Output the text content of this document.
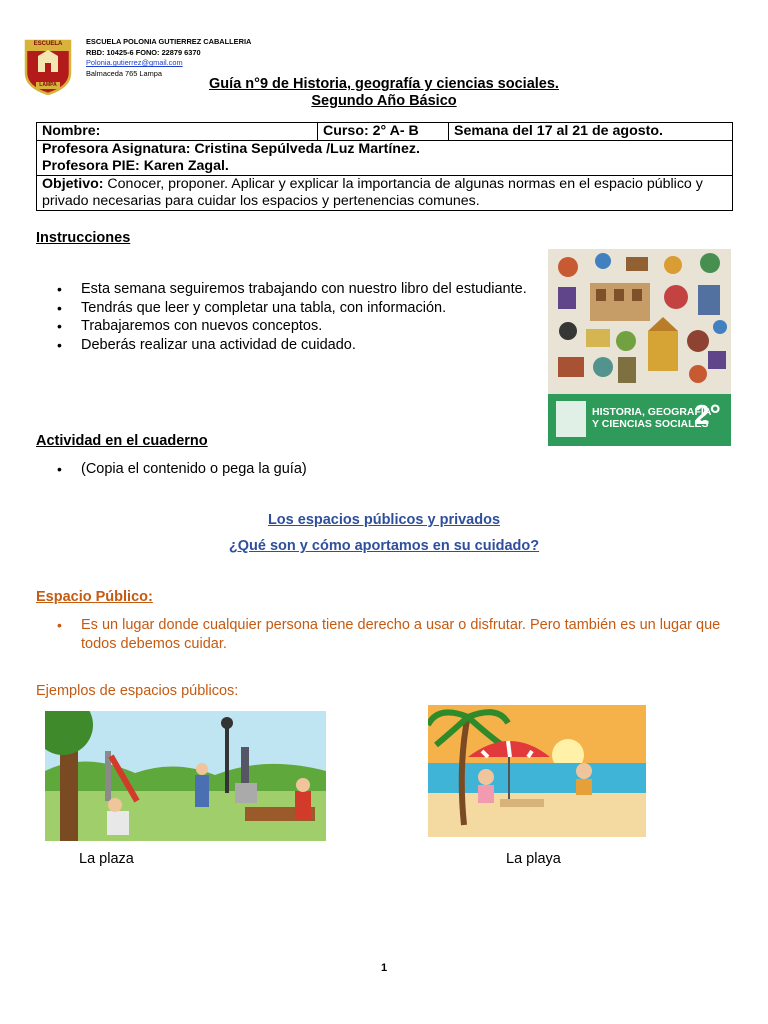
ESCUELA
LAMPA
ESCUELA POLONIA GUTIERREZ CABALLERIA
RBD: 10425-6 FONO: 22879 6370
Polonia.gutierrez@gmail.com
Balmaceda 765 Lampa
Guía n°9 de Historia, geografía y ciencias sociales.
Segundo Año Básico
Nombre:	Curso: 2° A- B	Semana del 17 al 21 de agosto.

Profesora Asignatura: Cristina Sepúlveda /Luz Martínez.
Profesora PIE: Karen Zagal.

Objetivo: Conocer, proponer. Aplicar y explicar la importancia de algunas normas en el espacio público y privado necesarias para cuidar los espacios y pertenencias comunes.
Instrucciones
• Esta semana seguiremos trabajando con nuestro libro del estudiante.
• Tendrás que leer y completar una tabla, con información.
• Trabajaremos con nuevos conceptos.
• Deberás realizar una actividad de cuidado.
HISTORIA, GEOGRAFÍA
Y CIENCIAS SOCIALES
2°
Actividad en el cuaderno
• (Copia el contenido o pega la guía)
Los espacios públicos y privados
¿Qué son y cómo aportamos en su cuidado?
Espacio Público:
• Es un lugar donde cualquier persona tiene derecho a usar o disfrutar. Pero también es un lugar que todos debemos cuidar.
Ejemplos de espacios públicos:
La plaza	La playa
1
